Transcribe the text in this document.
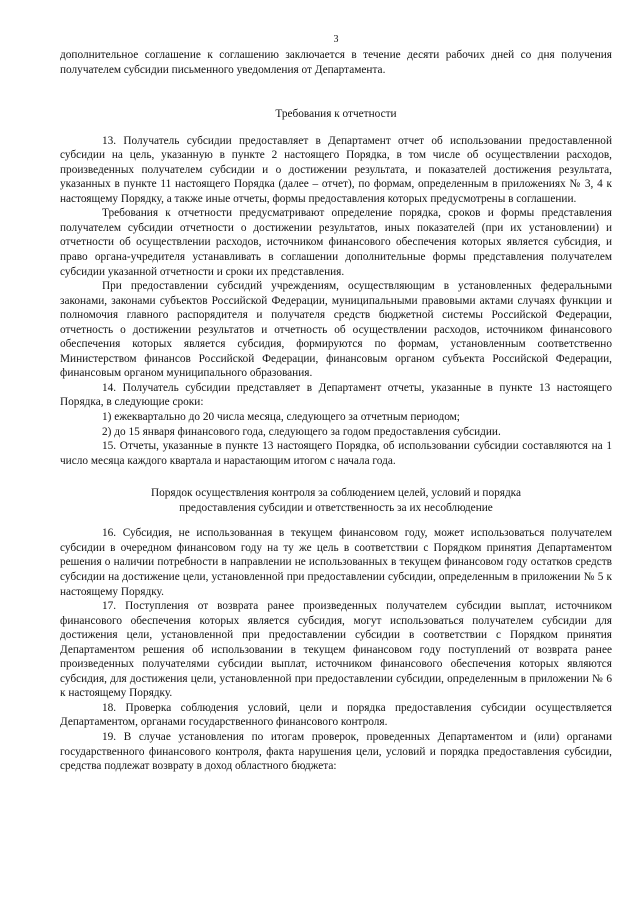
3

дополнительное соглашение к соглашению заключается в течение десяти рабочих дней со дня получения получателем субсидии письменного уведомления от Департамента.

Требования к отчетности

13. Получатель субсидии предоставляет в Департамент отчет об использовании предоставленной субсидии на цель, указанную в пункте 2 настоящего Порядка, в том числе об осуществлении расходов, произведенных получателем субсидии и о достижении результата, и показателей достижения результата, указанных в пункте 11 настоящего Порядка (далее – отчет), по формам, определенным в приложениях № 3, 4 к настоящему Порядку, а также иные отчеты, формы предоставления которых предусмотрены в соглашении.

Требования к отчетности предусматривают определение порядка, сроков и формы представления получателем субсидии отчетности о достижении результатов, иных показателей (при их установлении) и отчетности об осуществлении расходов, источником финансового обеспечения которых является субсидия, и право органа-учредителя устанавливать в соглашении дополнительные формы представления получателем субсидии указанной отчетности и сроки их представления.

При предоставлении субсидий учреждениям, осуществляющим в установленных федеральными законами, законами субъектов Российской Федерации, муниципальными правовыми актами случаях функции и полномочия главного распорядителя и получателя средств бюджетной системы Российской Федерации, отчетность о достижении результатов и отчетность об осуществлении расходов, источником финансового обеспечения которых является субсидия, формируются по формам, установленным соответственно Министерством финансов Российской Федерации, финансовым органом субъекта Российской Федерации, финансовым органом муниципального образования.

14. Получатель субсидии представляет в Департамент отчеты, указанные в пункте 13 настоящего Порядка, в следующие сроки:

1) ежеквартально до 20 числа месяца, следующего за отчетным периодом;

2) до 15 января финансового года, следующего за годом предоставления субсидии.

15. Отчеты, указанные в пункте 13 настоящего Порядка, об использовании субсидии составляются на 1 число месяца каждого квартала и нарастающим итогом с начала года.

Порядок осуществления контроля за соблюдением целей, условий и порядка
предоставления субсидии и ответственность за их несоблюдение

16. Субсидия, не использованная в текущем финансовом году, может использоваться получателем субсидии в очередном финансовом году на ту же цель в соответствии с Порядком принятия Департаментом решения о наличии потребности в направлении не использованных в текущем финансовом году остатков средств субсидии на достижение цели, установленной при предоставлении субсидии, определенным в приложении № 5 к настоящему Порядку.

17. Поступления от возврата ранее произведенных получателем субсидии выплат, источником финансового обеспечения которых является субсидия, могут использоваться получателем субсидии для достижения цели, установленной при предоставлении субсидии в соответствии с Порядком принятия Департаментом решения об использовании в текущем финансовом году поступлений от возврата ранее произведенных получателями субсидии выплат, источником финансового обеспечения которых являются субсидия, для достижения цели, установленной при предоставлении субсидии, определенным в приложении № 6 к настоящему Порядку.

18. Проверка соблюдения условий, цели и порядка предоставления субсидии осуществляется Департаментом, органами государственного финансового контроля.

19. В случае установления по итогам проверок, проведенных Департаментом и (или) органами государственного финансового контроля, факта нарушения цели, условий и порядка предоставления субсидии, средства подлежат возврату в доход областного бюджета:
